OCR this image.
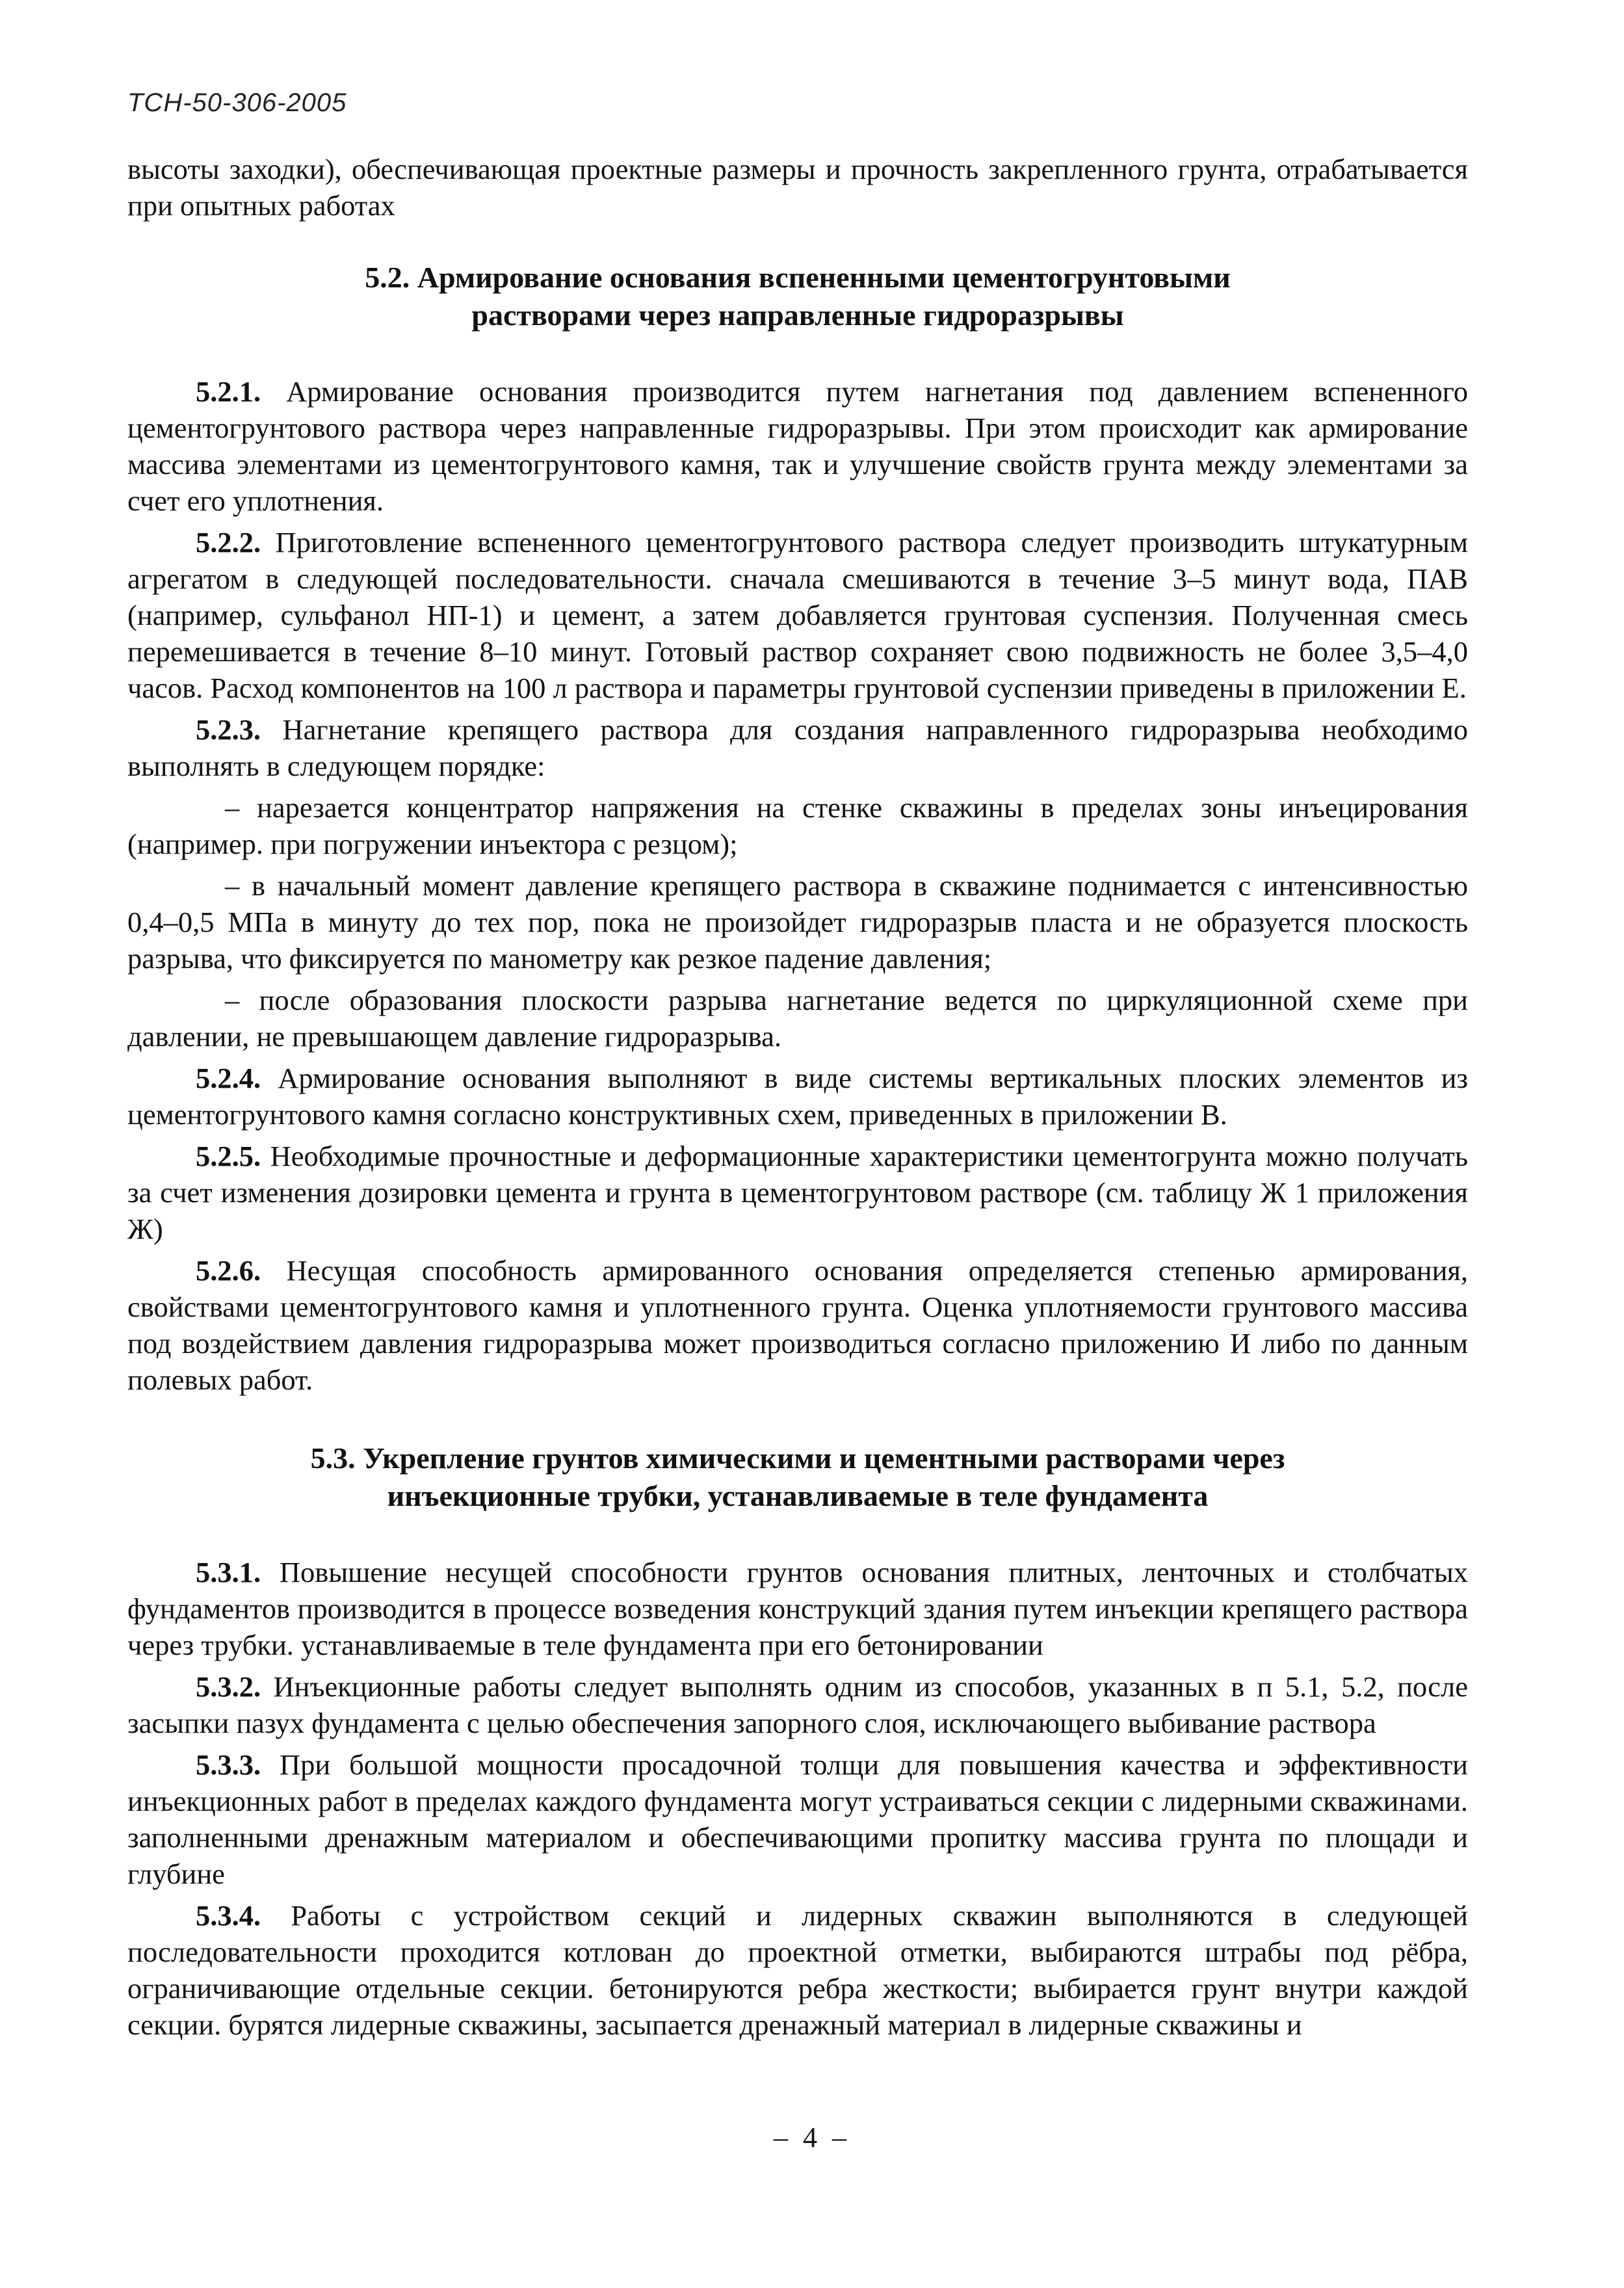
ТСН-50-306-2005

высоты заходки), обеспечивающая проектные размеры и прочность закрепленного грунта, отрабатывается при опытных работах

5.2. Армирование основания вспененными цементогрунтовыми
растворами через направленные гидроразрывы

5.2.1. Армирование основания производится путем нагнетания под давлением вспененного цементогрунтового раствора через направленные гидроразрывы. При этом происходит как армирование массива элементами из цементогрунтового камня, так и улучшение свойств грунта между элементами за счет его уплотнения.

5.2.2. Приготовление вспененного цементогрунтового раствора следует производить штукатурным агрегатом в следующей последовательности. сначала смешиваются в течение 3–5 минут вода, ПАВ (например, сульфанол НП-1) и цемент, а затем добавляется грунтовая суспензия. Полученная смесь перемешивается в течение 8–10 минут. Готовый раствор сохраняет свою подвижность не более 3,5–4,0 часов. Расход компонентов на 100 л раствора и параметры грунтовой суспензии приведены в приложении Е.

5.2.3. Нагнетание крепящего раствора для создания направленного гидроразрыва необходимо выполнять в следующем порядке:

– нарезается концентратор напряжения на стенке скважины в пределах зоны инъецирования (например. при погружении инъектора с резцом);

– в начальный момент давление крепящего раствора в скважине поднимается с интенсивностью 0,4–0,5 МПа в минуту до тех пор, пока не произойдет гидроразрыв пласта и не образуется плоскость разрыва, что фиксируется по манометру как резкое падение давления;

– после образования плоскости разрыва нагнетание ведется по циркуляционной схеме при давлении, не превышающем давление гидроразрыва.

5.2.4. Армирование основания выполняют в виде системы вертикальных плоских элементов из цементогрунтового камня согласно конструктивных схем, приведенных в приложении В.

5.2.5. Необходимые прочностные и деформационные характеристики цементогрунта можно получать за счет изменения дозировки цемента и грунта в цементогрунтовом растворе (см. таблицу Ж 1 приложения Ж)

5.2.6. Несущая способность армированного основания определяется степенью армирования, свойствами цементогрунтового камня и уплотненного грунта. Оценка уплотняемости грунтового массива под воздействием давления гидроразрыва может производиться согласно приложению И либо по данным полевых работ.

5.3. Укрепление грунтов химическими и цементными растворами через
инъекционные трубки, устанавливаемые в теле фундамента

5.3.1. Повышение несущей способности грунтов основания плитных, ленточных и столбчатых фундаментов производится в процессе возведения конструкций здания путем инъекции крепящего раствора через трубки. устанавливаемые в теле фундамента при его бетонировании

5.3.2. Инъекционные работы следует выполнять одним из способов, указанных в п 5.1, 5.2, после засыпки пазух фундамента с целью обеспечения запорного слоя, исключающего выбивание раствора

5.3.3. При большой мощности просадочной толщи для повышения качества и эффективности инъекционных работ в пределах каждого фундамента могут устраиваться секции с лидерными скважинами. заполненными дренажным материалом и обеспечивающими пропитку массива грунта по площади и глубине

5.3.4. Работы с устройством секций и лидерных скважин выполняются в следующей последовательности проходится котлован до проектной отметки, выбираются штрабы под рёбра, ограничивающие отдельные секции. бетонируются ребра жесткости; выбирается грунт внутри каждой секции. бурятся лидерные скважины, засыпается дренажный материал в лидерные скважины и

– 4 –
